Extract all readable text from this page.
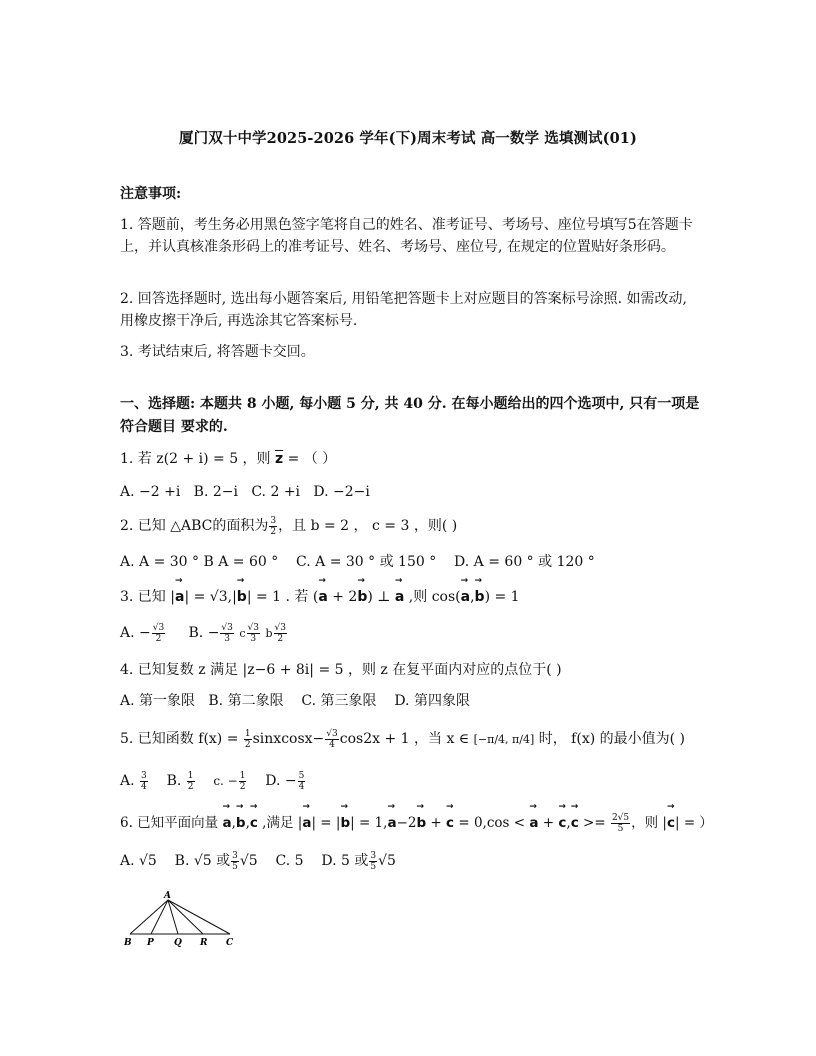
厦门双十中学2025-2026 学年(下)周末考试 高一数学 选填测试(01)
注意事项:
1. 答题前，考生务必用黑色签字笔将自己的姓名、准考证号、考场号、座位号填写5在答题卡上，并认真核准条形码上的准考证号、姓名、考场号、座位号, 在规定的位置贴好条形码。
2. 回答选择题时, 选出每小题答案后, 用铅笔把答题卡上对应题目的答案标号涂照. 如需改动, 用橡皮擦干净后, 再选涂其它答案标号.
3. 考试结束后, 将答题卡交回。
一、选择题: 本题共 8 小题, 每小题 5 分, 共 40 分. 在每小题给出的四个选项中, 只有一项是符合题目 要求的.
1. 若 z(2 + i) = 5 ，则 $\overline{z}$ = （ ）
A. −2 +i B. 2−i C. 2 +i D. −2−i
2. 已知 △ABC的面积为 $\frac{3}{2}$ ，且 b = 2 ， c = 3 ，则( )
A. A = 30 ° B A = 60 ° C. A = 30 ° 或 150 ° D. A = 60 ° 或 120 °
3. 已知 |→ a| = √3,|→ b| = 1 . 若 (→ a + 2→ b) ⊥ → a ,则 cos(→ a,→ b) = 1
A. − $\frac{√3}{2} B$. − $\frac{√3}{3}$ c $\frac{√3}{3}$ b $\frac{√3}{2}$
4. 已知复数 z 满足 |z−6 + 8i| = 5 ，则 z 在复平面内对应的点位于( )
A. 第一象限 B. 第二象限 C. 第三象限 D. 第四象限
5. 已知函数 $f(x) = \frac{1}{2}$ sinxcosx− $\frac{√3}{4} \cos 2x + 1$ ，当 x ∈ [−π/4, π/4] 时， f(x) 的最小值为( )
A. $\frac{3}{4} B$. $\frac{1}{2} c$. − $\frac{1}{2} D$. − $\frac{5}{4}$
6. 已知平面向量 → a,→ b,→ c ,满足 |→ a| = |→ b| = 1,→ a−2→ b + → c = 0,cos < → a + → $c,\to c >= \frac{2√5}{5}$ ，则 |→ c| = ）
A. √5 B. √5 或 $\frac{3}{5} √5$ C. 5 D. 5 或 $\frac{3}{5} √5$
A
B P Q R C
